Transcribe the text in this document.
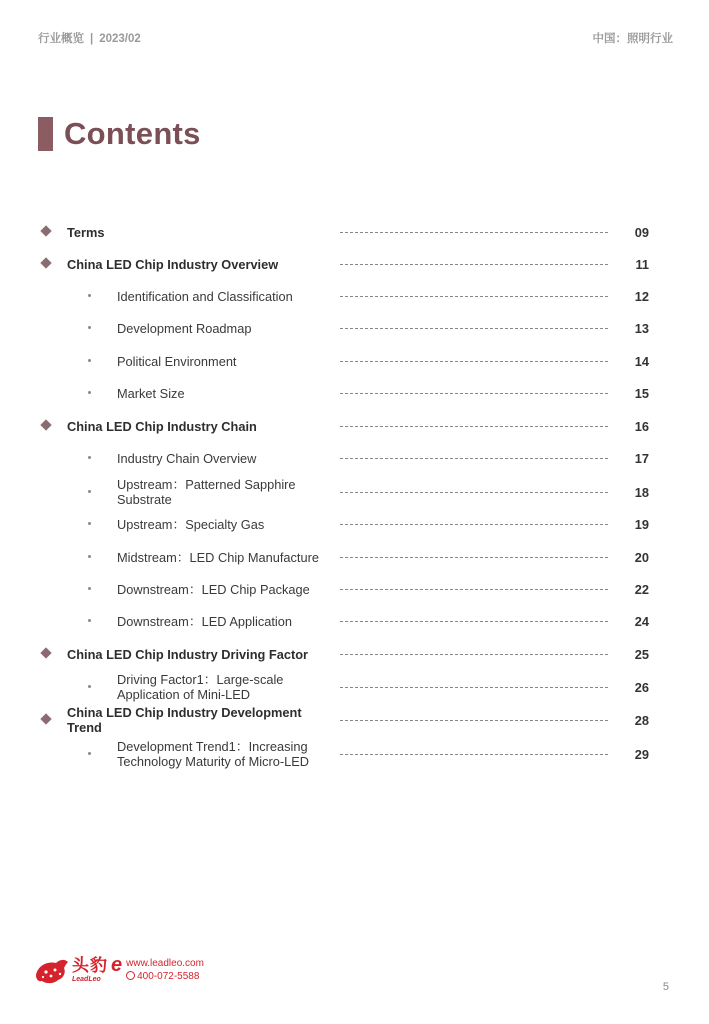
行业概览 | 2023/02	中国：照明行业
Contents
Terms	09
China LED Chip Industry Overview	11
Identification and Classification	12
Development Roadmap	13
Political Environment	14
Market Size	15
China LED Chip Industry Chain	16
Industry Chain Overview	17
Upstream：Patterned Sapphire Substrate	18
Upstream：Specialty Gas	19
Midstream：LED Chip Manufacture	20
Downstream：LED Chip Package	22
Downstream：LED Application	24
China LED Chip Industry Driving Factor	25
Driving Factor1：Large-scale Application of Mini-LED	26
China LED Chip Industry Development Trend	28
Development Trend1：Increasing Technology Maturity of Micro-LED	29
头豹
LeadLeo
e www.leadleo.com
400-072-5588
5
